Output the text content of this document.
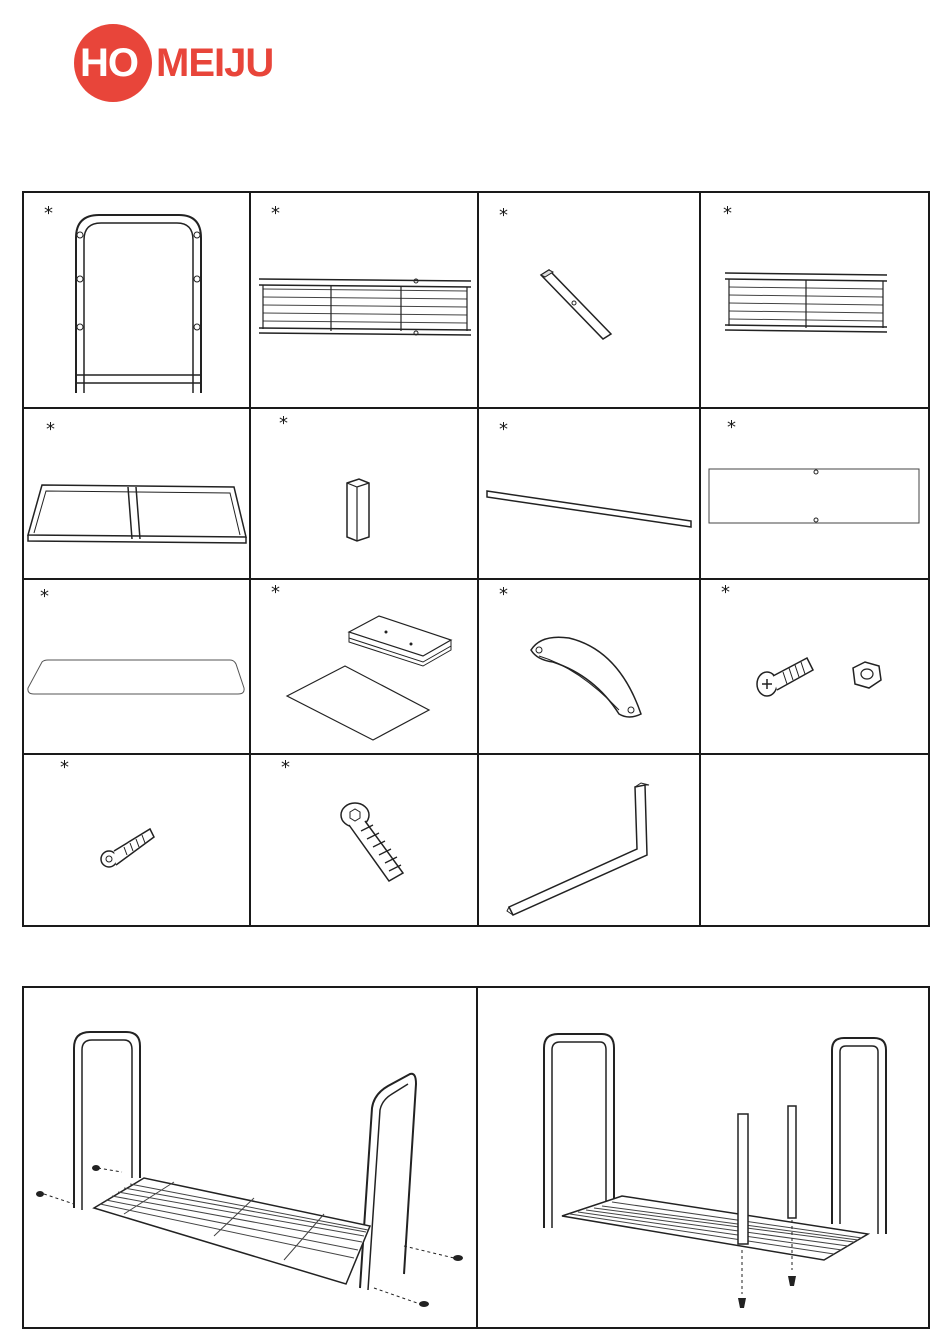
HO MEIJU
*	*	*	*
*	*	*	*
*	*	*	*
*	*
